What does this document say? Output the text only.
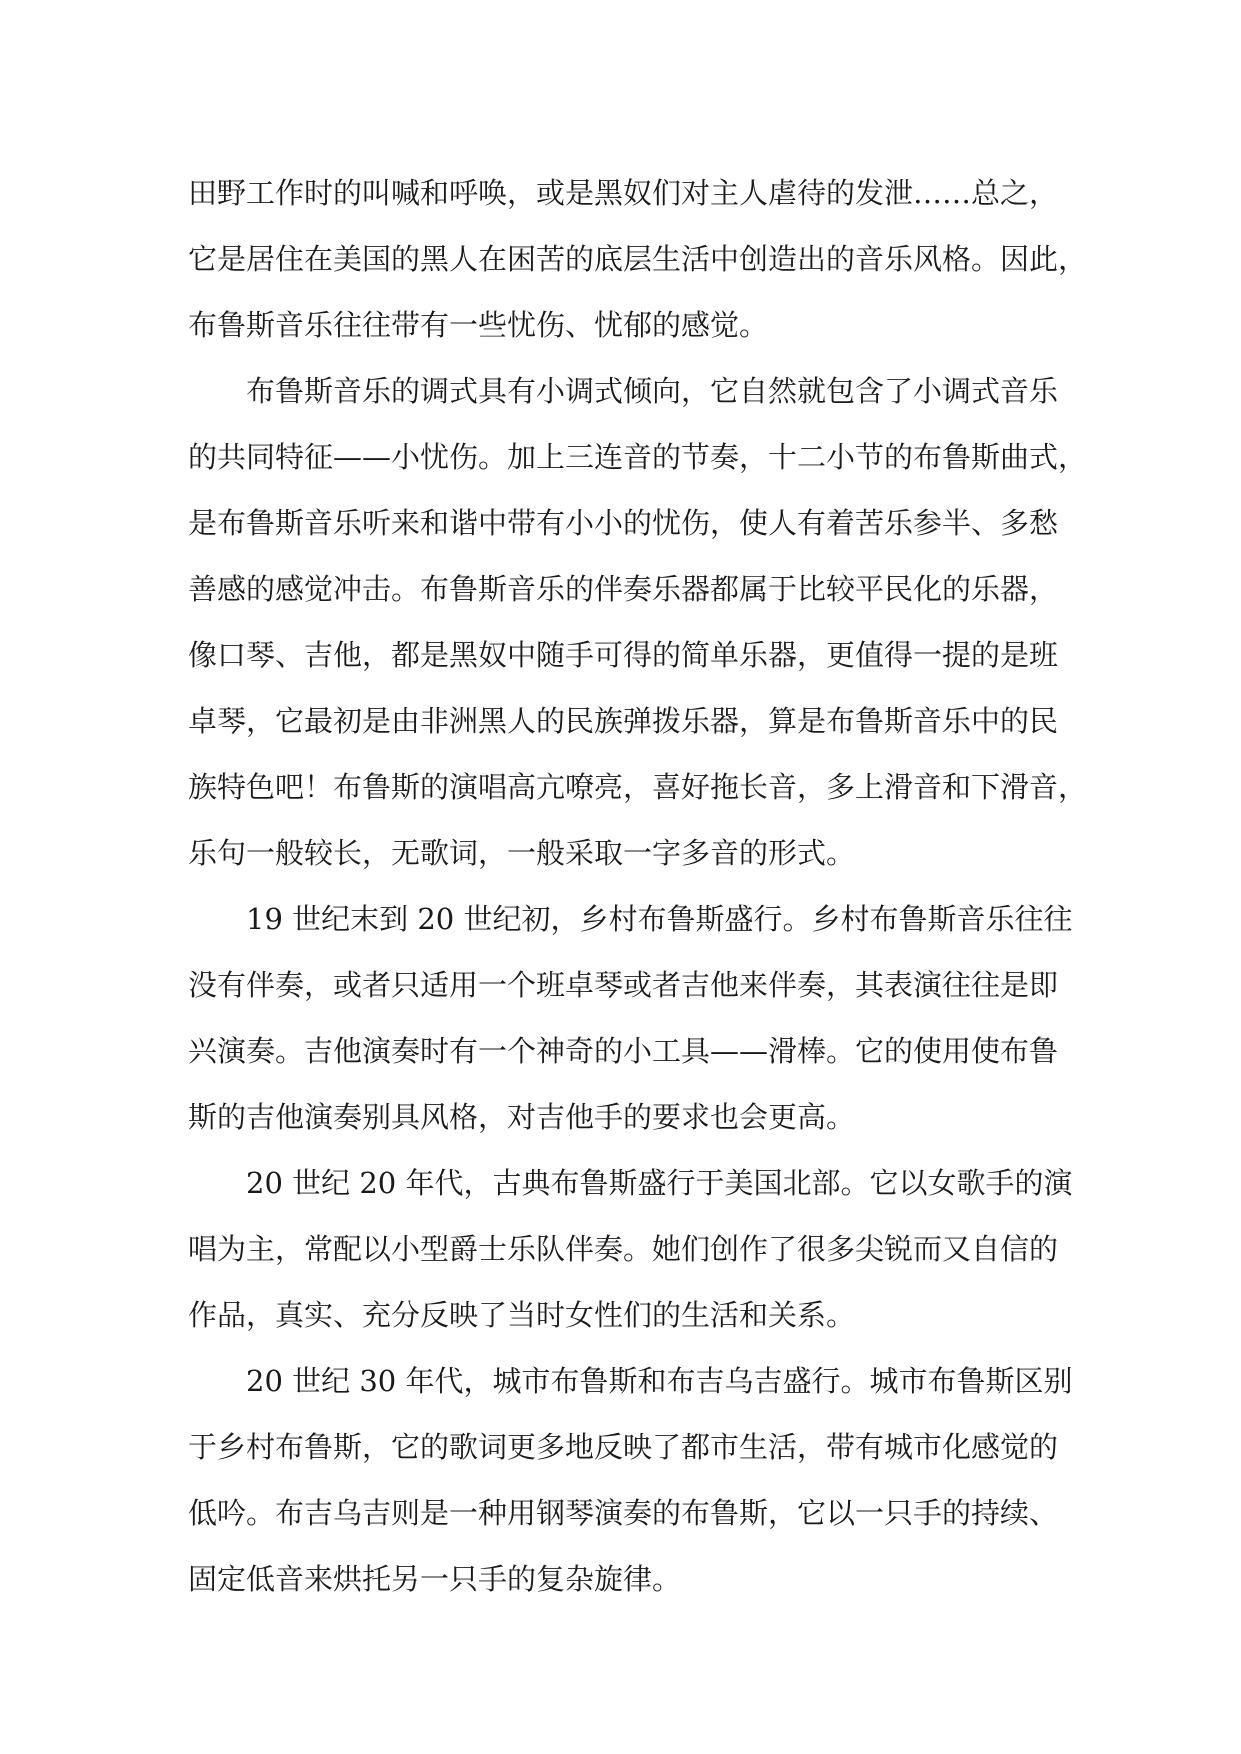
田野工作时的叫喊和呼唤，或是黑奴们对主人虐待的发泄……总之，
它是居住在美国的黑人在困苦的底层生活中创造出的音乐风格。因此，
布鲁斯音乐往往带有一些忧伤、忧郁的感觉。
布鲁斯音乐的调式具有小调式倾向，它自然就包含了小调式音乐
的共同特征——小忧伤。加上三连音的节奏，十二小节的布鲁斯曲式，
是布鲁斯音乐听来和谐中带有小小的忧伤，使人有着苦乐参半、多愁
善感的感觉冲击。布鲁斯音乐的伴奏乐器都属于比较平民化的乐器，
像口琴、吉他，都是黑奴中随手可得的简单乐器，更值得一提的是班
卓琴，它最初是由非洲黑人的民族弹拨乐器，算是布鲁斯音乐中的民
族特色吧！布鲁斯的演唱高亢嘹亮，喜好拖长音，多上滑音和下滑音，
乐句一般较长，无歌词，一般采取一字多音的形式。
19 世纪末到 20 世纪初，乡村布鲁斯盛行。乡村布鲁斯音乐往往
没有伴奏，或者只适用一个班卓琴或者吉他来伴奏，其表演往往是即
兴演奏。吉他演奏时有一个神奇的小工具——滑棒。它的使用使布鲁
斯的吉他演奏别具风格，对吉他手的要求也会更高。
20 世纪 20 年代，古典布鲁斯盛行于美国北部。它以女歌手的演
唱为主，常配以小型爵士乐队伴奏。她们创作了很多尖锐而又自信的
作品，真实、充分反映了当时女性们的生活和关系。
20 世纪 30 年代，城市布鲁斯和布吉乌吉盛行。城市布鲁斯区别
于乡村布鲁斯，它的歌词更多地反映了都市生活，带有城市化感觉的
低吟。布吉乌吉则是一种用钢琴演奏的布鲁斯，它以一只手的持续、
固定低音来烘托另一只手的复杂旋律。
